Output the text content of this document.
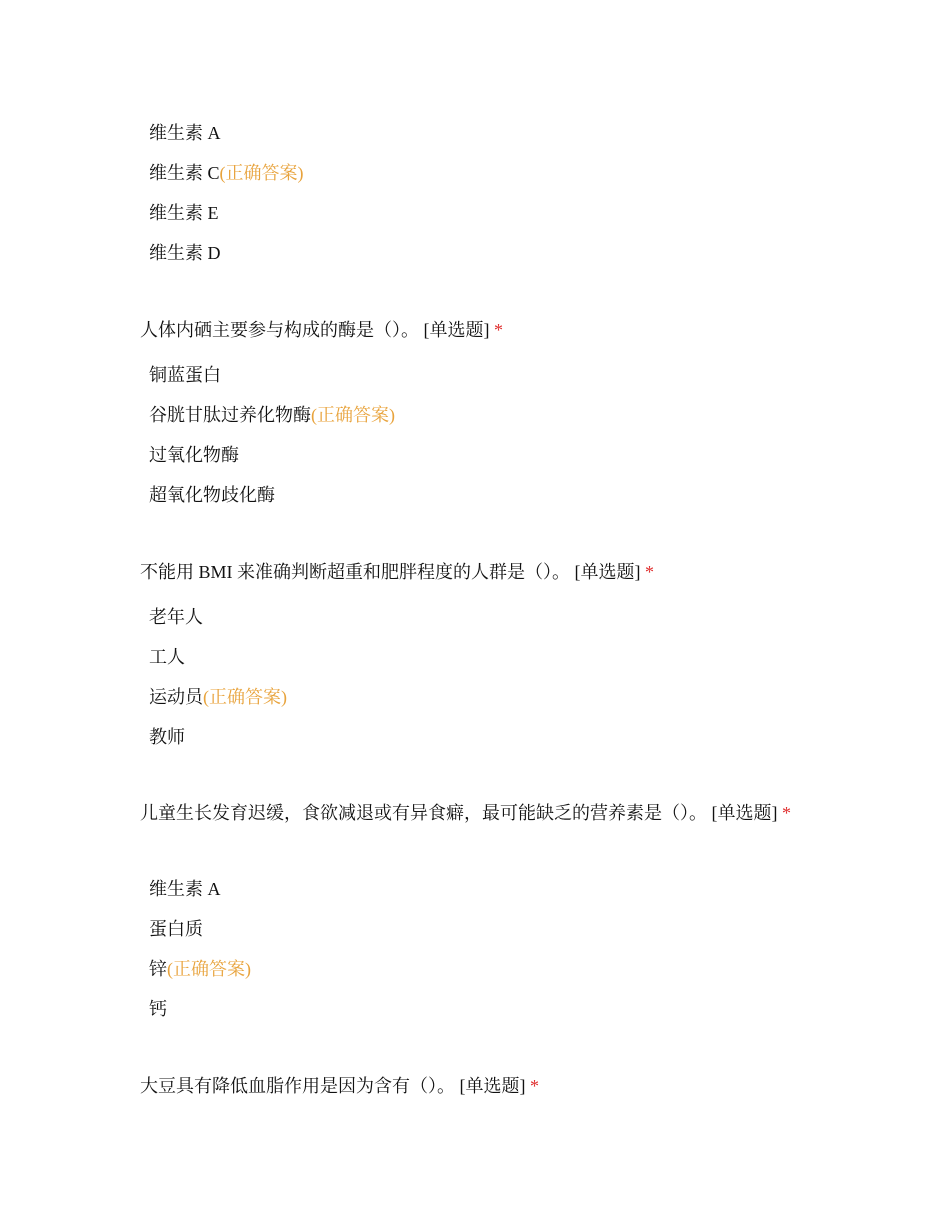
维生素 A
维生素 C(正确答案)
维生素 E
维生素 D
人体内硒主要参与构成的酶是（）。 [单选题] *
铜蓝蛋白
谷胱甘肽过养化物酶(正确答案)
过氧化物酶
超氧化物歧化酶
不能用 BMI 来准确判断超重和肥胖程度的人群是（）。 [单选题] *
老年人
工人
运动员(正确答案)
教师
儿童生长发育迟缓，食欲减退或有异食癖，最可能缺乏的营养素是（）。 [单选题] *
维生素 A
蛋白质
锌(正确答案)
钙
大豆具有降低血脂作用是因为含有（）。 [单选题] *
